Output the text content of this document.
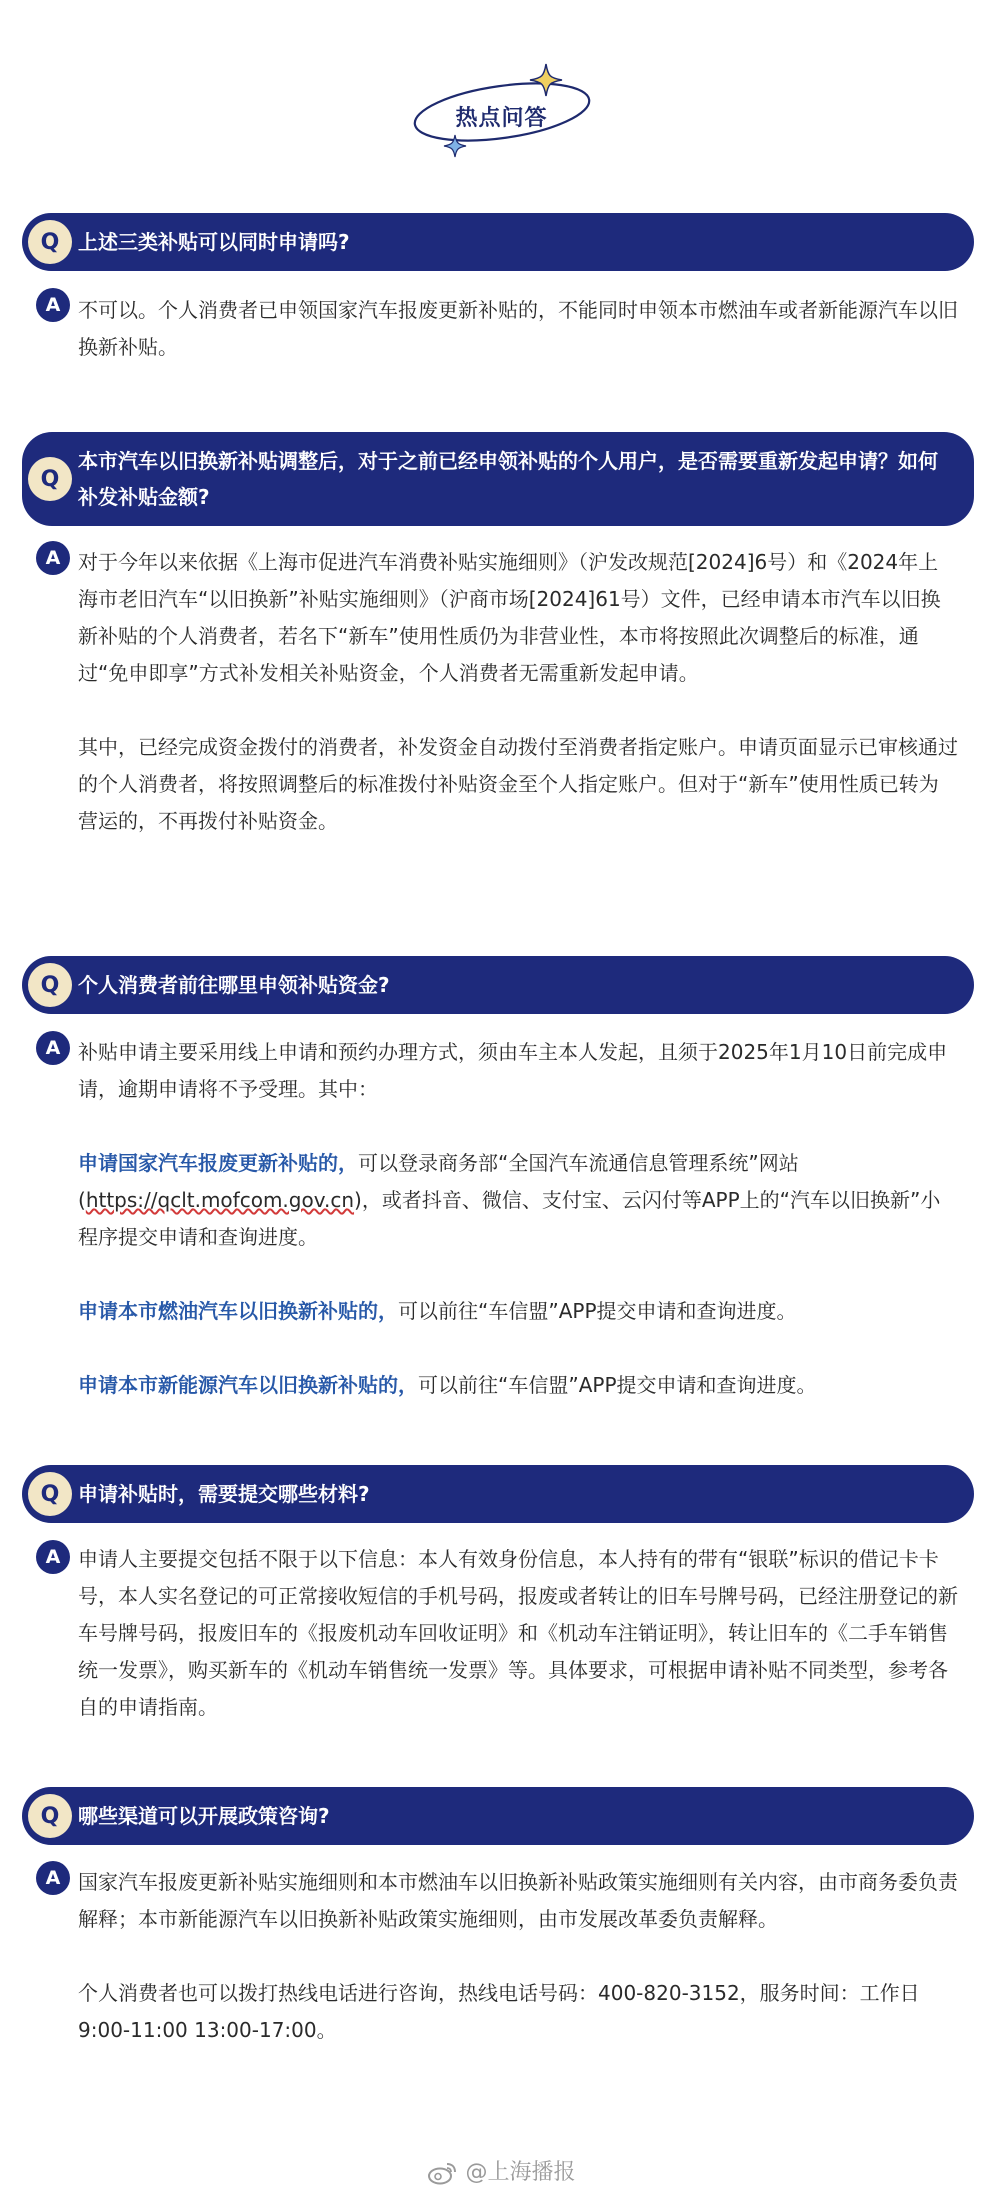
热点问答
Q 上述三类补贴可以同时申请吗?
A 不可以。个人消费者已申领国家汽车报废更新补贴的，不能同时申领本市燃油车或者新能源汽车以旧换新补贴。

Q
本市汽车以旧换新补贴调整后，对于之前已经申领补贴的个人用户，是否需要重新发起申请？如何补发补贴金额?
A 对于今年以来依据《上海市促进汽车消费补贴实施细则》（沪发改规范[2024]6号）和《2024年上海市老旧汽车“以旧换新”补贴实施细则》（沪商市场[2024]61号）文件，已经申请本市汽车以旧换新补贴的个人消费者，若名下“新车”使用性质仍为非营业性，本市将按照此次调整后的标准，通过“免申即享”方式补发相关补贴资金，个人消费者无需重新发起申请。

其中，已经完成资金拨付的消费者，补发资金自动拨付至消费者指定账户。申请页面显示已审核通过的个人消费者，将按照调整后的标准拨付补贴资金至个人指定账户。但对于“新车”使用性质已转为营运的，不再拨付补贴资金。

Q 个人消费者前往哪里申领补贴资金?
A 补贴申请主要采用线上申请和预约办理方式，须由车主本人发起，且须于2025年1月10日前完成申请，逾期申请将不予受理。其中：

申请国家汽车报废更新补贴的，可以登录商务部“全国汽车流通信息管理系统”网站(https://qclt.mofcom.gov.cn)，或者抖音、微信、支付宝、云闪付等APP上的“汽车以旧换新”小程序提交申请和查询进度。

申请本市燃油汽车以旧换新补贴的，可以前往“车信盟”APP提交申请和查询进度。

申请本市新能源汽车以旧换新补贴的，可以前往“车信盟”APP提交申请和查询进度。

Q 申请补贴时，需要提交哪些材料?
A 申请人主要提交包括不限于以下信息：本人有效身份信息，本人持有的带有“银联”标识的借记卡卡号，本人实名登记的可正常接收短信的手机号码，报废或者转让的旧车号牌号码，已经注册登记的新车号牌号码，报废旧车的《报废机动车回收证明》和《机动车注销证明》，转让旧车的《二手车销售统一发票》，购买新车的《机动车销售统一发票》等。具体要求，可根据申请补贴不同类型，参考各自的申请指南。

Q 哪些渠道可以开展政策咨询?
A 国家汽车报废更新补贴实施细则和本市燃油车以旧换新补贴政策实施细则有关内容，由市商务委负责解释；本市新能源汽车以旧换新补贴政策实施细则，由市发展改革委负责解释。

个人消费者也可以拨打热线电话进行咨询，热线电话号码：400-820-3152，服务时间：工作日9:00-11:00 13:00-17:00。

@上海播报
